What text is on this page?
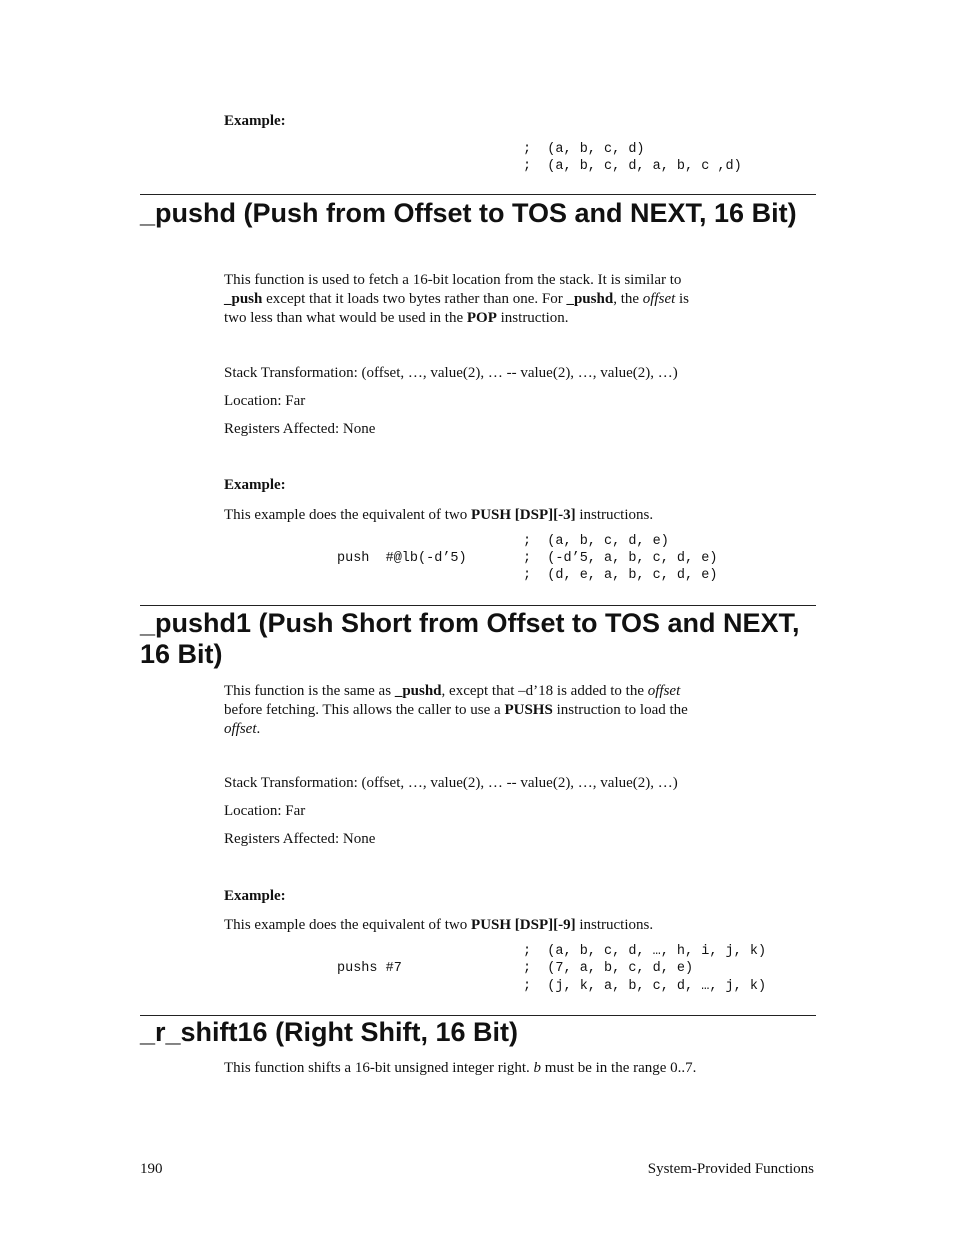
Example:
;  (a, b, c, d)
;  (a, b, c, d, a, b, c ,d)
_pushd (Push from Offset to TOS and NEXT, 16 Bit)
This function is used to fetch a 16-bit location from the stack. It is similar to
_push except that it loads two bytes rather than one. For _pushd, the offset is
two less than what would be used in the POP instruction.
Stack Transformation: (offset, …, value(2), … -- value(2), …, value(2), …)
Location: Far
Registers Affected: None
Example:
This example does the equivalent of two PUSH [DSP][-3] instructions.
;  (a, b, c, d, e)
push  #@lb(-d’5)	;  (-d’5, a, b, c, d, e)
;  (d, e, a, b, c, d, e)
_pushd1 (Push Short from Offset to TOS and NEXT, 16 Bit)
This function is the same as _pushd, except that –d’18 is added to the offset
before fetching. This allows the caller to use a PUSHS instruction to load the
offset.
Stack Transformation: (offset, …, value(2), … -- value(2), …, value(2), …)
Location: Far
Registers Affected: None
Example:
This example does the equivalent of two PUSH [DSP][-9] instructions.
;  (a, b, c, d, …, h, i, j, k)
pushs #7	;  (7, a, b, c, d, e)
;  (j, k, a, b, c, d, …, j, k)
_r_shift16 (Right Shift, 16 Bit)
This function shifts a 16-bit unsigned integer right. b must be in the range 0..7.
190	System-Provided Functions
